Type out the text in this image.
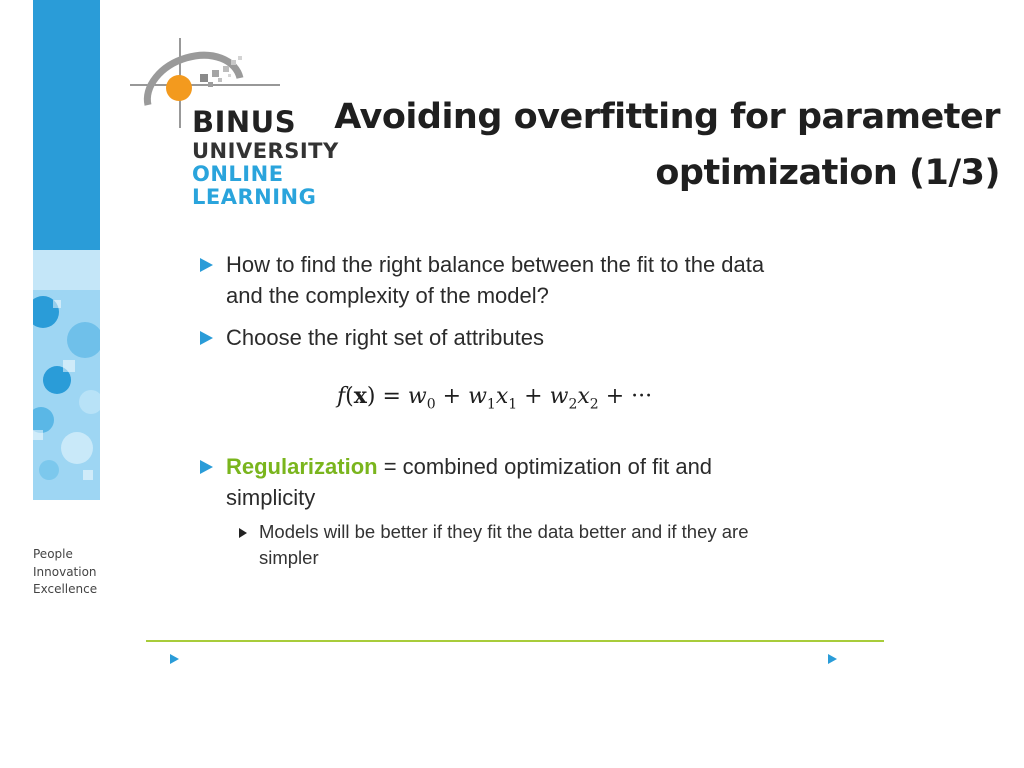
BINUS
UNIVERSITY
ONLINE
LEARNING
People
Innovation
Excellence
Avoiding overfitting for parameter
optimization (1/3)
How to find the right balance between the fit to the data and the complexity of the model?
Choose the right set of attributes
$f(x) = w_0 + w_1x_1 + w_2x_2$ + ···
Regularization = combined optimization of fit and simplicity
Models will be better if they fit the data better and if they are simpler
